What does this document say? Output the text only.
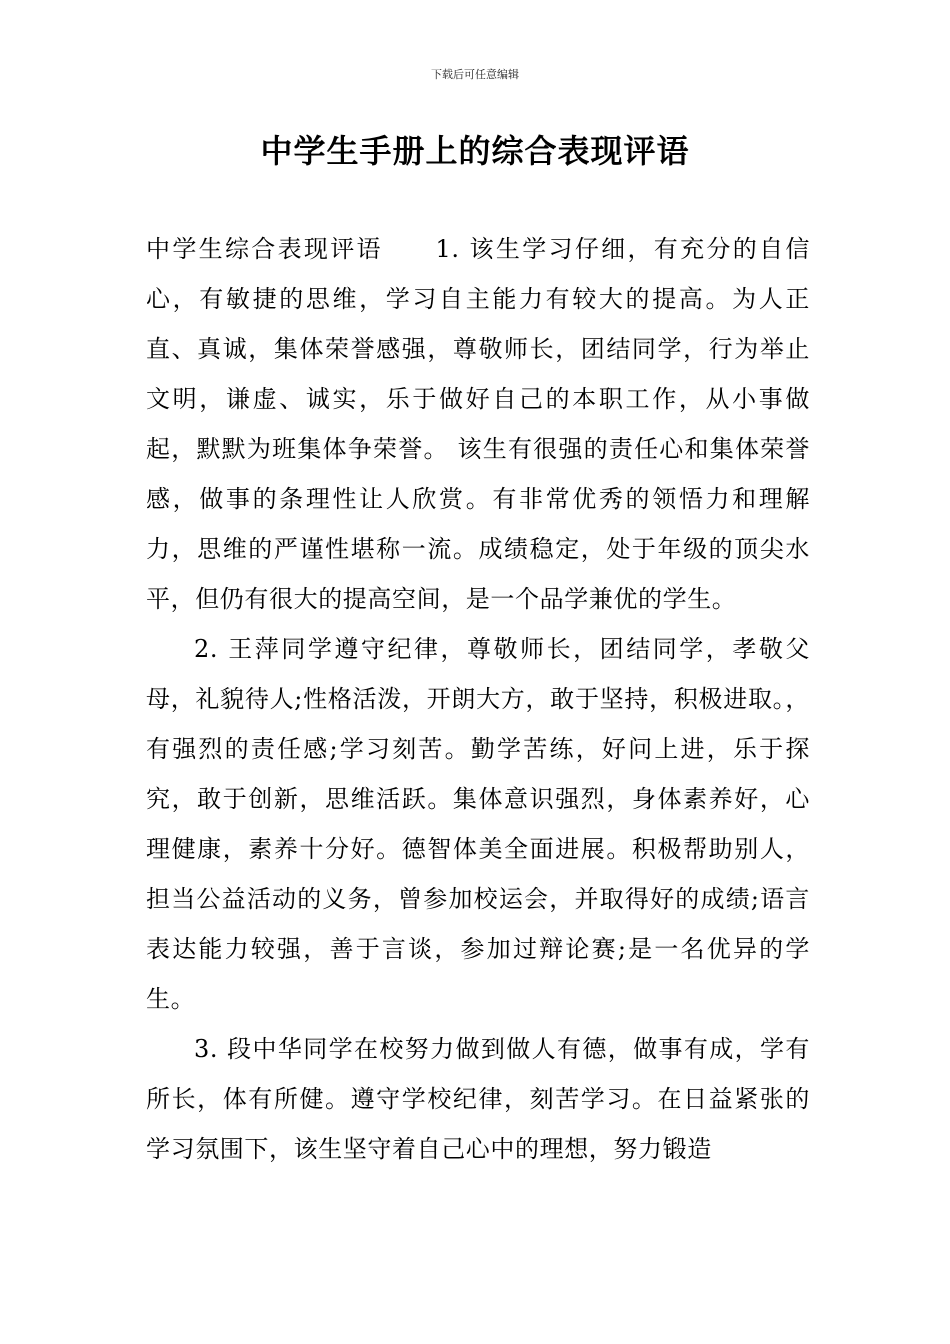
下载后可任意编辑
中学生手册上的综合表现评语

中学生综合表现评语　　1. 该生学习仔细，有充分的自信心，有敏捷的思维，学习自主能力有较大的提高。为人正直、真诚，集体荣誉感强，尊敬师长，团结同学，行为举止文明，谦虚、诚实，乐于做好自己的本职工作，从小事做起，默默为班集体争荣誉。 该生有很强的责任心和集体荣誉感，做事的条理性让人欣赏。有非常优秀的领悟力和理解力，思维的严谨性堪称一流。成绩稳定，处于年级的顶尖水平，但仍有很大的提高空间，是一个品学兼优的学生。

2. 王萍同学遵守纪律，尊敬师长，团结同学，孝敬父母，礼貌待人;性格活泼，开朗大方，敢于坚持，积极进取。，有强烈的责任感;学习刻苦。勤学苦练，好问上进，乐于探究，敢于创新，思维活跃。集体意识强烈，身体素养好，心理健康，素养十分好。德智体美全面进展。积极帮助别人，担当公益活动的义务，曾参加校运会，并取得好的成绩;语言表达能力较强，善于言谈，参加过辩论赛;是一名优异的学生。

3. 段中华同学在校努力做到做人有德，做事有成，学有所长，体有所健。遵守学校纪律，刻苦学习。在日益紧张的学习氛围下，该生坚守着自己心中的理想，努力锻造
